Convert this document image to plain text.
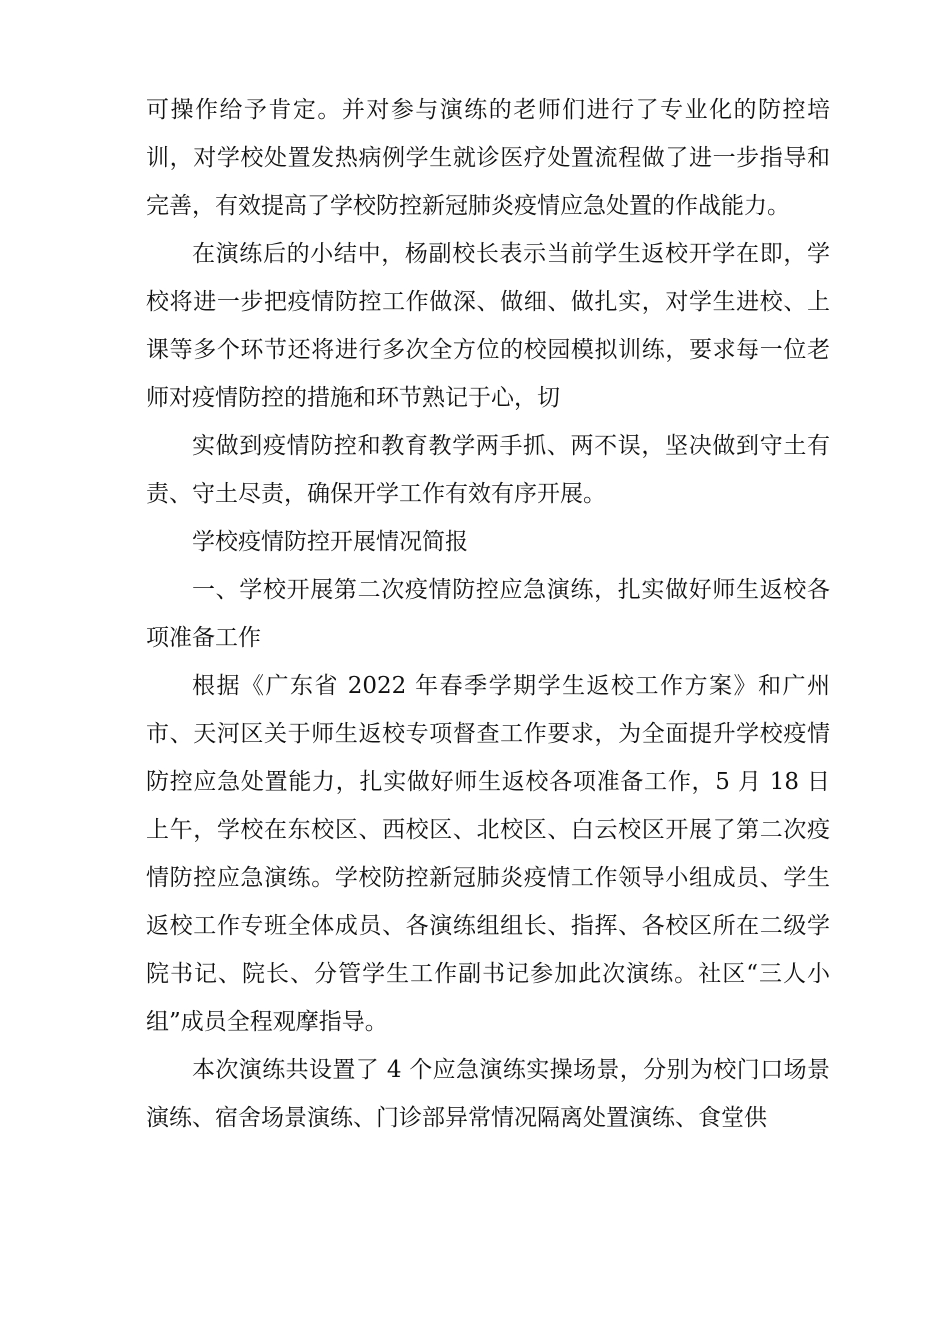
可操作给予肯定。并对参与演练的老师们进行了专业化的防控培训，对学校处置发热病例学生就诊医疗处置流程做了进一步指导和完善，有效提高了学校防控新冠肺炎疫情应急处置的作战能力。

在演练后的小结中，杨副校长表示当前学生返校开学在即，学校将进一步把疫情防控工作做深、做细、做扎实，对学生进校、上课等多个环节还将进行多次全方位的校园模拟训练，要求每一位老师对疫情防控的措施和环节熟记于心，切

实做到疫情防控和教育教学两手抓、两不误，坚决做到守土有责、守土尽责，确保开学工作有效有序开展。

学校疫情防控开展情况简报

一、学校开展第二次疫情防控应急演练，扎实做好师生返校各项准备工作

根据《广东省 2022 年春季学期学生返校工作方案》和广州市、天河区关于师生返校专项督查工作要求，为全面提升学校疫情防控应急处置能力，扎实做好师生返校各项准备工作，5 月 18 日上午，学校在东校区、西校区、北校区、白云校区开展了第二次疫情防控应急演练。学校防控新冠肺炎疫情工作领导小组成员、学生返校工作专班全体成员、各演练组组长、指挥、各校区所在二级学院书记、院长、分管学生工作副书记参加此次演练。社区“三人小组”成员全程观摩指导。

本次演练共设置了 4 个应急演练实操场景，分别为校门口场景演练、宿舍场景演练、门诊部异常情况隔离处置演练、食堂供
